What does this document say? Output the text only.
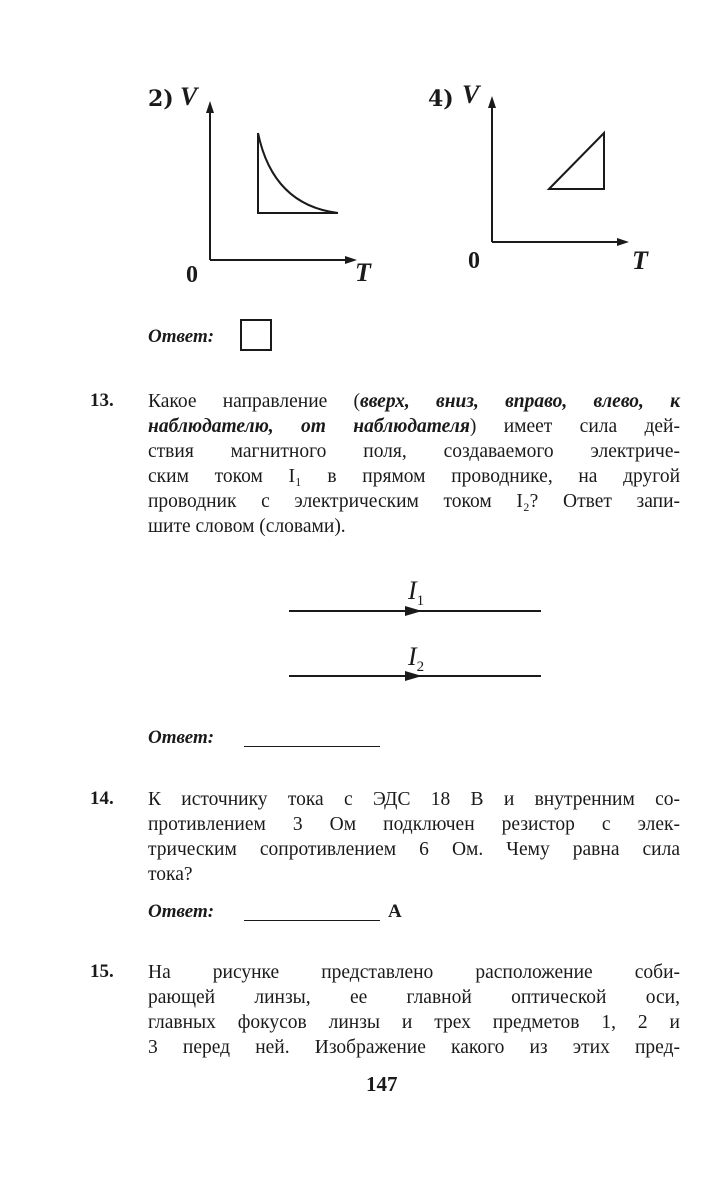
2) V
0	T
4) V
0	T
Ответ:
13. Какое направление (вверх, вниз, вправо, влево, к
наблюдателю, от наблюдателя) имеет сила дей-
ствия магнитного поля, создаваемого электриче-
ским током I₁ в прямом проводнике, на другой
проводник с электрическим током I₂? Ответ запи-
шите словом (словами).
$I_1$
$I_2$
Ответ:
14. К источнику тока с ЭДС 18 В и внутренним со-
противлением 3 Ом подключен резистор с элек-
трическим сопротивлением 6 Ом. Чему равна сила
тока?
Ответ:	А
15. На рисунке представлено расположение соби-
рающей линзы, ее главной оптической оси,
главных фокусов линзы и трех предметов 1, 2 и
3 перед ней. Изображение какого из этих пред-
147
